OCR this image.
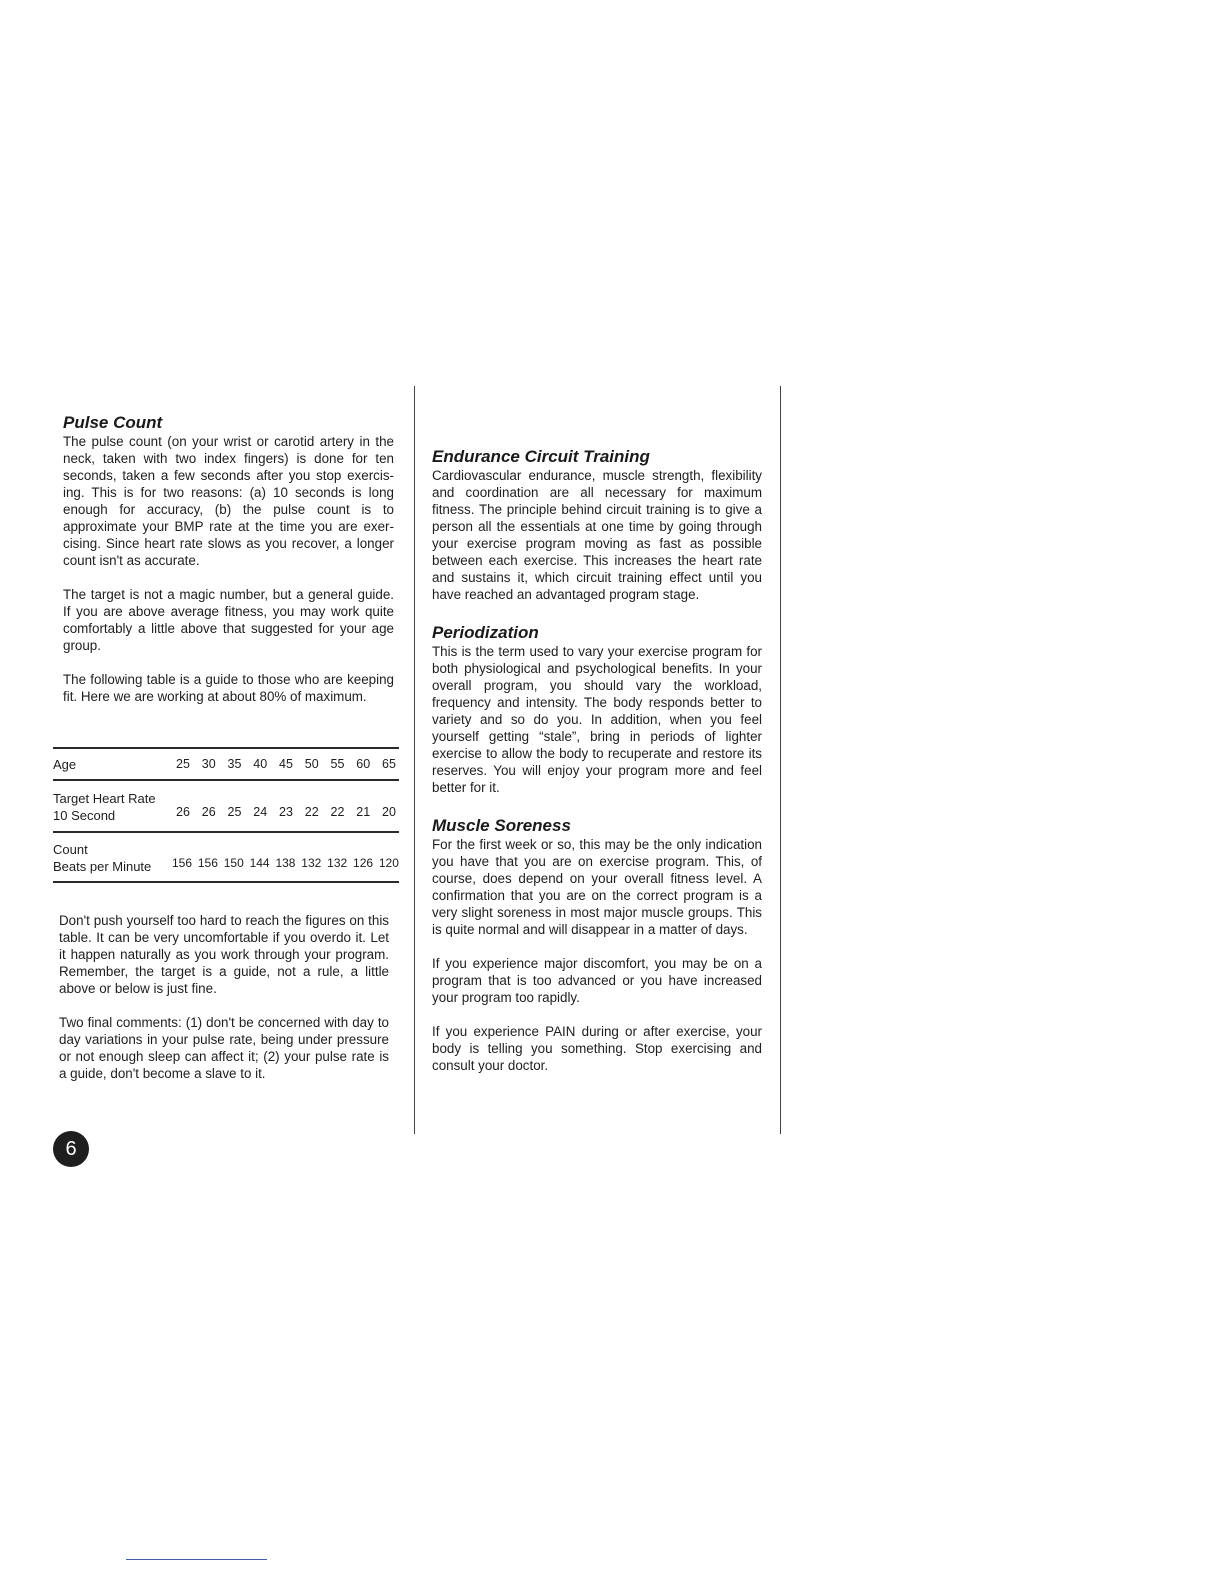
Pulse Count

The pulse count (on your wrist or carotid artery in the neck, taken with two index fingers) is done for ten seconds, taken a few seconds after you stop exercising. This is for two reasons: (a) 10 seconds is long enough for accuracy, (b) the pulse count is to approximate your BMP rate at the time you are exercising. Since heart rate slows as you recover, a longer count isn't as accurate.

The target is not a magic number, but a general guide. If you are above average fitness, you may work quite comfortably a little above that suggested for your age group.

The following table is a guide to those who are keeping fit. Here we are working at about 80% of maximum.

Age	25 30 35 40 45 50 55 60 65
Target Heart Rate
10 Second	26 26 25 24 23 22 22 21 20
Count
Beats per Minute 156 156 150 144 138 132 132 126 120

Don't push yourself too hard to reach the figures on this table. It can be very uncomfortable if you overdo it. Let it happen naturally as you work through your program. Remember, the target is a guide, not a rule, a little above or below is just fine.

Two final comments: (1) don't be concerned with day to day variations in your pulse rate, being under pressure or not enough sleep can affect it; (2) your pulse rate is a guide, don't become a slave to it.

Endurance Circuit Training

Cardiovascular endurance, muscle strength, flexibility and coordination are all necessary for maximum fitness. The principle behind circuit training is to give a person all the essentials at one time by going through your exercise program moving as fast as possible between each exercise. This increases the heart rate and sustains it, which circuit training effect until you have reached an advantaged program stage.

Periodization

This is the term used to vary your exercise program for both physiological and psychological benefits. In your overall program, you should vary the workload, frequency and intensity. The body responds better to variety and so do you. In addition, when you feel yourself getting “stale”, bring in periods of lighter exercise to allow the body to recuperate and restore its reserves. You will enjoy your program more and feel better for it.

Muscle Soreness

For the first week or so, this may be the only indication you have that you are on exercise program. This, of course, does depend on your overall fitness level. A confirmation that you are on the correct program is a very slight soreness in most major muscle groups. This is quite normal and will disappear in a matter of days.

If you experience major discomfort, you may be on a program that is too advanced or you have increased your program too rapidly.

If you experience PAIN during or after exercise, your body is telling you something. Stop exercising and consult your doctor.

6
